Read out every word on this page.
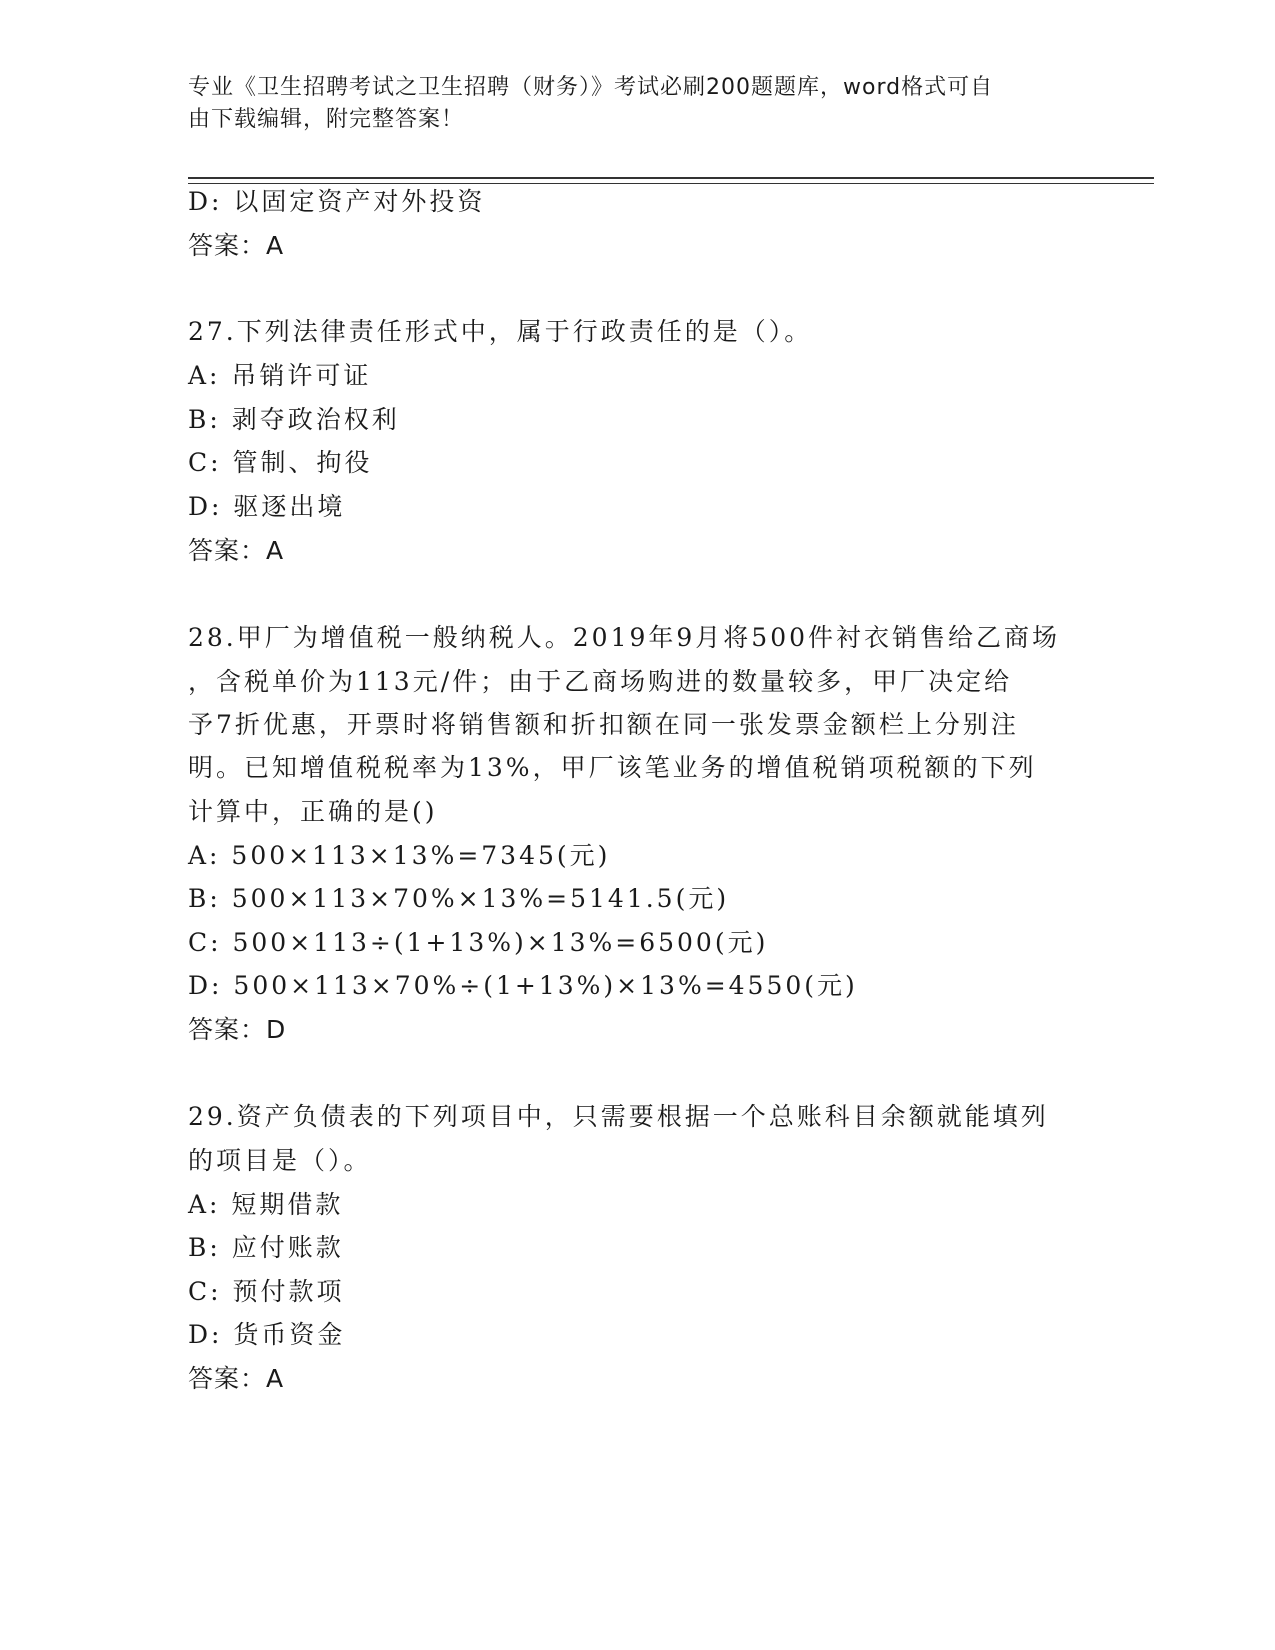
专业《卫生招聘考试之卫生招聘（财务）》考试必刷200题题库，word格式可自
由下载编辑，附完整答案！
D: 以固定资产对外投资
答案：A
27.下列法律责任形式中，属于行政责任的是（）。
A: 吊销许可证
B: 剥夺政治权利
C: 管制、拘役
D: 驱逐出境
答案：A
28.甲厂为增值税一般纳税人。2019年9月将500件衬衣销售给乙商场
，含税单价为113元/件；由于乙商场购进的数量较多，甲厂决定给
予7折优惠，开票时将销售额和折扣额在同一张发票金额栏上分别注
明。已知增值税税率为13%，甲厂该笔业务的增值税销项税额的下列
计算中，正确的是()
A: 500×113×13%=7345(元)
B: 500×113×70%×13%=5141.5(元)
C: 500×113÷(1+13%)×13%=6500(元)
D: 500×113×70%÷(1+13%)×13%=4550(元)
答案：D
29.资产负债表的下列项目中，只需要根据一个总账科目余额就能填列
的项目是（）。
A: 短期借款
B: 应付账款
C: 预付款项
D: 货币资金
答案：A
